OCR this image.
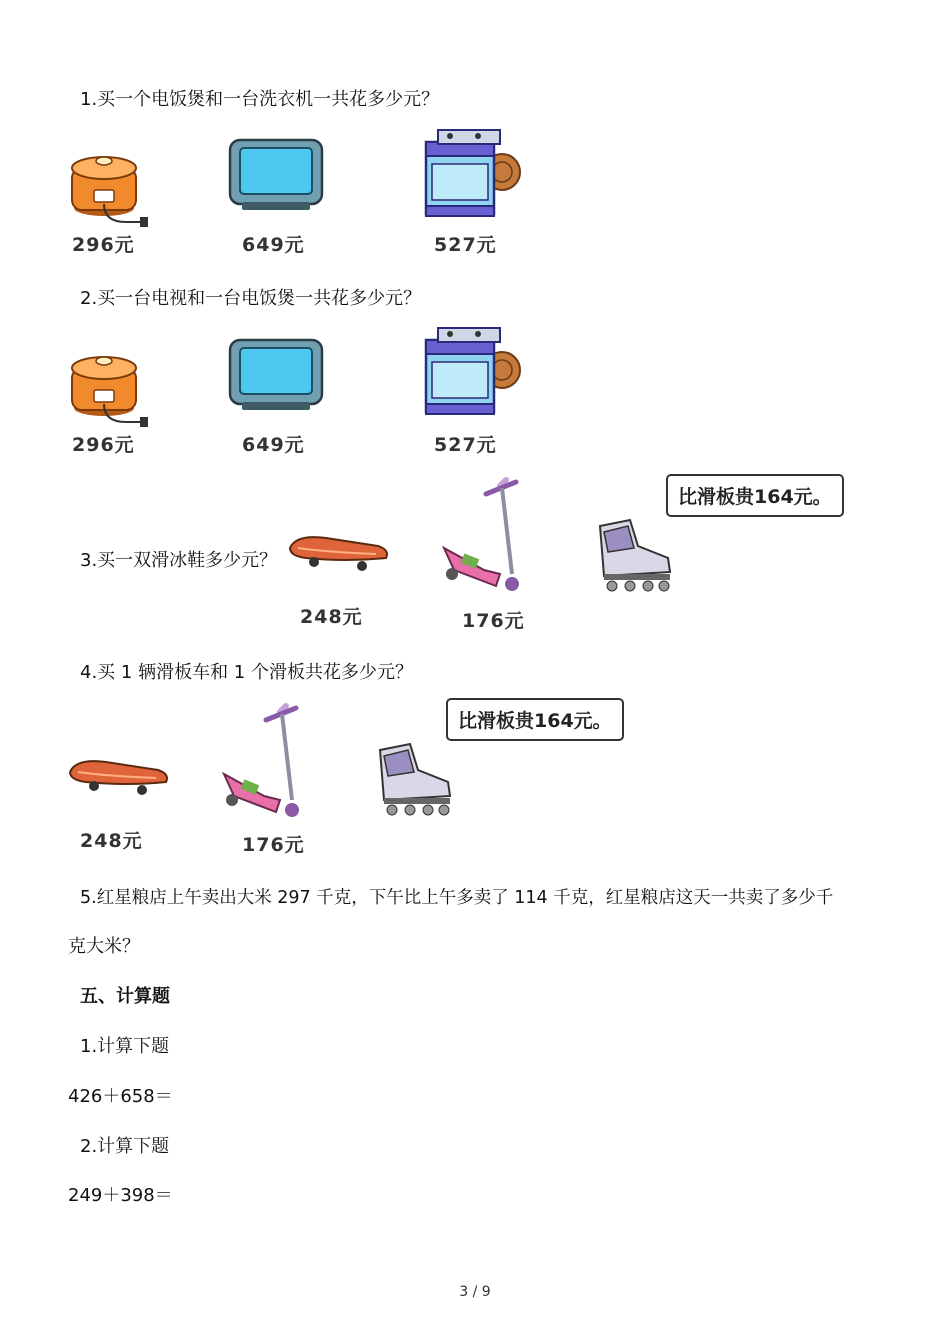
1.买一个电饭煲和一台洗衣机一共花多少元？
296元	649元	527元
2.买一台电视和一台电饭煲一共花多少元？
296元	649元	527元
3.买一双滑冰鞋多少元？
比滑板贵164元。
248元	176元
4.买 1 辆滑板车和 1 个滑板共花多少元？
比滑板贵164元。
248元	176元
5.红星粮店上午卖出大米 297 千克，下午比上午多卖了 114 千克，红星粮店这天一共卖了多少千
克大米？
五、计算题
1.计算下题
426＋658＝
2.计算下题
249＋398＝
3 / 9
